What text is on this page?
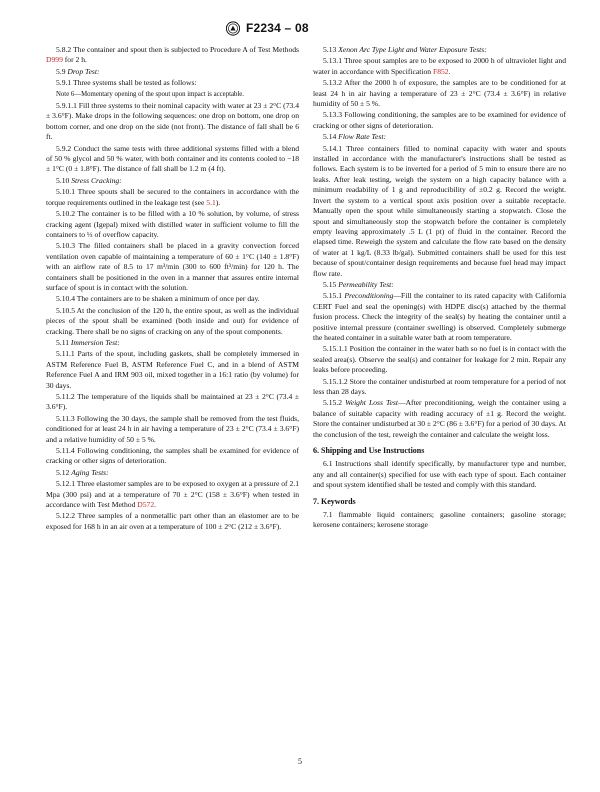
F2234 – 08

5.8.2 The container and spout then is subjected to Procedure A of Test Methods D999 for 2 h.

5.9 Drop Test:

5.9.1 Three systems shall be tested as follows:

Note 6—Momentary opening of the spout upon impact is acceptable.

5.9.1.1 Fill three systems to their nominal capacity with water at 23 ± 2°C (73.4 ± 3.6°F). Make drops in the following sequences: one drop on bottom, one drop on bottom corner, and one drop on the side (not front). The distance of fall shall be 6 ft.

5.9.2 Conduct the same tests with three additional systems filled with a blend of 50 % glycol and 50 % water, with both container and its contents cooled to −18 ± 1°C (0 ± 1.8°F). The distance of fall shall be 1.2 m (4 ft).

5.10 Stress Cracking:

5.10.1 Three spouts shall be secured to the containers in accordance with the torque requirements outlined in the leakage test (see 5.1).

5.10.2 The container is to be filled with a 10 % solution, by volume, of stress cracking agent (Igepal) mixed with distilled water in sufficient volume to fill the containers to ⅓ of overflow capacity.

5.10.3 The filled containers shall be placed in a gravity convection forced ventilation oven capable of maintaining a temperature of 60 ± 1°C (140 ± 1.8°F) with an airflow rate of 8.5 to 17 m³/min (300 to 600 ft³/min) for 120 h. The containers shall be positioned in the oven in a manner that assures entire internal surface of spout is in contact with the solution.

5.10.4 The containers are to be shaken a minimum of once per day.

5.10.5 At the conclusion of the 120 h, the entire spout, as well as the individual pieces of the spout shall be examined (both inside and out) for evidence of cracking. There shall be no signs of cracking on any of the spout components.

5.11 Immersion Test:

5.11.1 Parts of the spout, including gaskets, shall be completely immersed in ASTM Reference Fuel B, ASTM Reference Fuel C, and in a blend of ASTM Reference Fuel A and IRM 903 oil, mixed together in a 16:1 ratio (by volume) for 30 days.

5.11.2 The temperature of the liquids shall be maintained at 23 ± 2°C (73.4 ± 3.6°F).

5.11.3 Following the 30 days, the sample shall be removed from the test fluids, conditioned for at least 24 h in air having a temperature of 23 ± 2°C (73.4 ± 3.6°F) and a relative humidity of 50 ± 5 %.

5.11.4 Following conditioning, the samples shall be examined for evidence of cracking or other signs of deterioration.

5.12 Aging Tests:

5.12.1 Three elastomer samples are to be exposed to oxygen at a pressure of 2.1 Mpa (300 psi) and at a temperature of 70 ± 2°C (158 ± 3.6°F) when tested in accordance with Test Method D572.

5.12.2 Three samples of a nonmetallic part other than an elastomer are to be exposed for 168 h in an air oven at a temperature of 100 ± 2°C (212 ± 3.6°F).

5.13 Xenon Arc Type Light and Water Exposure Tests:

5.13.1 Three spout samples are to be exposed to 2000 h of ultraviolet light and water in accordance with Specification F852.

5.13.2 After the 2000 h of exposure, the samples are to be conditioned for at least 24 h in air having a temperature of 23 ± 2°C (73.4 ± 3.6°F) in relative humidity of 50 ± 5 %.

5.13.3 Following conditioning, the samples are to be examined for evidence of cracking or other signs of deterioration.

5.14 Flow Rate Test:

5.14.1 Three containers filled to nominal capacity with water and spouts installed in accordance with the manufacturer's instructions shall be tested as follows. Each system is to be inverted for a period of 5 min to ensure there are no leaks. After leak testing, weigh the system on a high capacity balance with a minimum readability of 1 g and reproducibility of ±0.2 g. Record the weight. Invert the system to a vertical spout axis position over a suitable receptacle. Manually open the spout while simultaneously starting a stopwatch. Close the spout and simultaneously stop the stopwatch before the container is completely empty leaving approximately .5 L (1 pt) of fluid in the container. Record the elapsed time. Reweigh the system and calculate the flow rate based on the density of water at 1 kg/L (8.33 lb/gal). Submitted containers shall be used for this test because of spout/container design requirements and because fuel head may impact flow rate.

5.15 Permeability Test:

5.15.1 Preconditioning—Fill the container to its rated capacity with California CERT Fuel and seal the opening(s) with HDPE disc(s) attached by the thermal fusion process. Check the integrity of the seal(s) by heating the container until a positive internal pressure (container swelling) is observed. Completely submerge the heated container in a suitable water bath at room temperature.

5.15.1.1 Position the container in the water bath so no fuel is in contact with the sealed area(s). Observe the seal(s) and container for leakage for 2 min. Repair any leaks before proceeding.

5.15.1.2 Store the container undisturbed at room temperature for a period of not less than 28 days.

5.15.2 Weight Loss Test—After preconditioning, weigh the container using a balance of suitable capacity with reading accuracy of ±1 g. Record the weight. Store the container undisturbed at 30 ± 2°C (86 ± 3.6°F) for a period of 30 days. At the conclusion of the test, reweigh the container and calculate the weight loss.

6. Shipping and Use Instructions

6.1 Instructions shall identify specifically, by manufacturer type and number, any and all container(s) specified for use with each type of spout. Each container and spout system identified shall be tested and comply with this standard.

7. Keywords

7.1 flammable liquid containers; gasoline containers; gasoline storage; kerosene containers; kerosene storage

5
